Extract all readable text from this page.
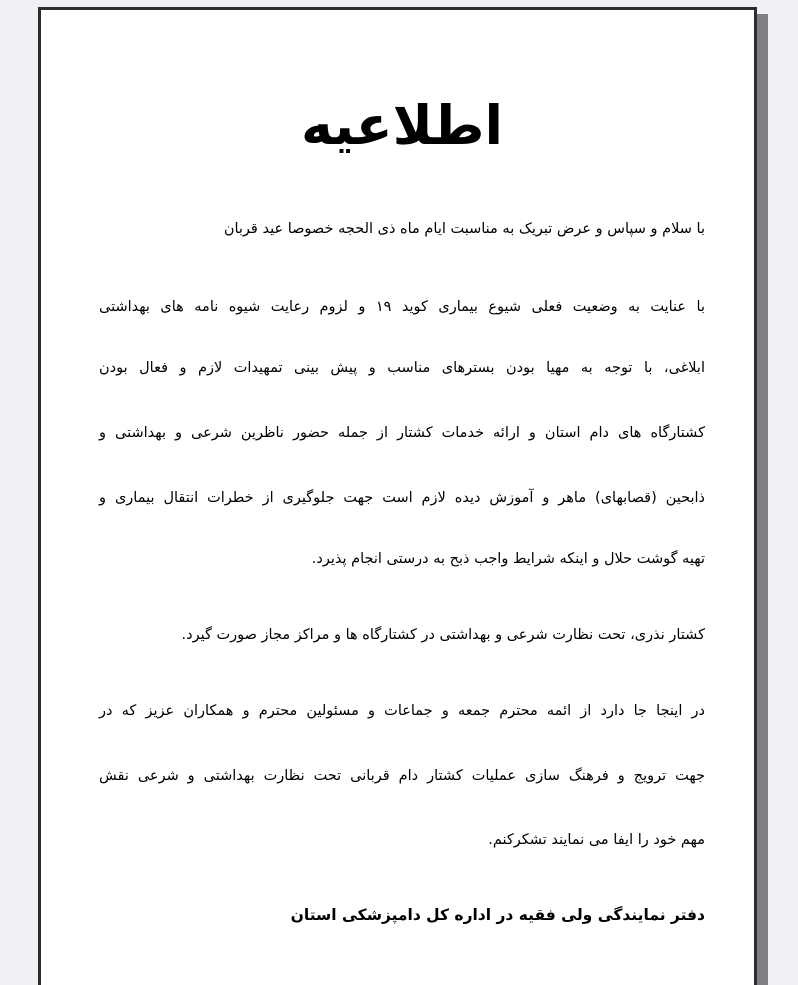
اطلاعیه
با سلام و سپاس و عرض تبریک به مناسبت ایام ماه ذی الحجه خصوصا عید قربان
با عنایت به وضعیت فعلی شیوع بیماری کوید ۱۹ و لزوم رعایت شیوه نامه های بهداشتی
ابلاغی، با توجه به مهیا بودن بسترهای مناسب و پیش بینی تمهیدات لازم و فعال بودن
کشتارگاه های دام استان و ارائه خدمات کشتار از جمله حضور ناظرین شرعی و بهداشتی و
ذابحین (قصابهای) ماهر و آموزش دیده لازم است جهت جلوگیری از خطرات انتقال بیماری و
تهیه گوشت حلال و اینکه شرایط واجب ذبح به درستی انجام پذیرد.
کشتار نذری، تحت نظارت شرعی و بهداشتی در کشتارگاه ها و مراکز مجاز صورت گیرد.
در اینجا جا دارد از ائمه محترم جمعه و جماعات و مسئولین محترم و همکاران عزیز که در
جهت ترویج و فرهنگ سازی عملیات کشتار دام قربانی تحت نظارت بهداشتی و شرعی نقش
مهم خود را ایفا می نمایند تشکرکنم.
دفتر نمایندگی ولی فقیه در اداره کل دامپزشکی استان
